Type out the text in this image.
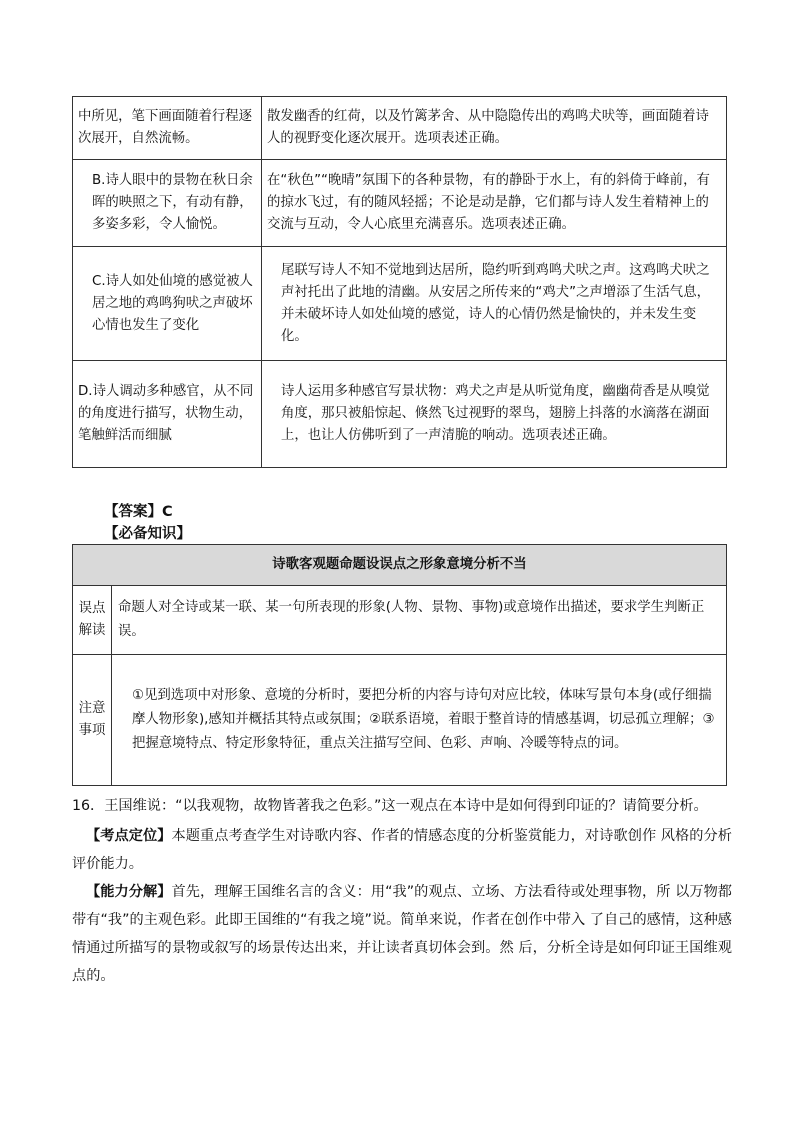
中所见，笔下画面随着行程逐次展开，自然流畅。	散发幽香的红荷，以及竹篱茅舍、从中隐隐传出的鸡鸣犬吠等，画面随着诗人的视野变化逐次展开。选项表述正确。

B.诗人眼中的景物在秋日余晖的映照之下，有动有静，多姿多彩，令人愉悦。	在“秋色”“晚晴”氛围下的各种景物，有的静卧于水上，有的斜倚于峰前，有的掠水飞过，有的随风轻摇；不论是动是静，它们都与诗人发生着精神上的交流与互动，令人心底里充满喜乐。选项表述正确。

C.诗人如处仙境的感觉被人居之地的鸡鸣狗吠之声破坏心情也发生了变化	尾联写诗人不知不觉地到达居所，隐约听到鸡鸣犬吠之声。这鸡鸣犬吠之声衬托出了此地的清幽。从安居之所传来的“鸡犬”之声增添了生活气息，并未破坏诗人如处仙境的感觉，诗人的心情仍然是愉快的，并未发生变化。

D.诗人调动多种感官，从不同的角度进行描写，状物生动，笔触鲜活而细腻	诗人运用多种感官写景状物：鸡犬之声是从听觉角度，幽幽荷香是从嗅觉角度，那只被船惊起、倏然飞过视野的翠鸟，翅膀上抖落的水滴落在湖面上，也让人仿佛听到了一声清脆的响动。选项表述正确。
【答案】C
【必备知识】
诗歌客观题命题设误点之形象意境分析不当	
误点解读	命题人对全诗或某一联、某一句所表现的形象(人物、景物、事物)或意境作出描述，要求学生判断正误。
注意事项	①见到选项中对形象、意境的分析时，要把分析的内容与诗句对应比较，体味写景句本身(或仔细揣摩人物形象),感知并概括其特点或氛围；②联系语境，着眼于整首诗的情感基调，切忌孤立理解；③把握意境特点、特定形象特征，重点关注描写空间、色彩、声响、冷暖等特点的词。
16．王国维说：“以我观物，故物皆著我之色彩。”这一观点在本诗中是如何得到印证的？请简要分析。
【考点定位】本题重点考查学生对诗歌内容、作者的情感态度的分析鉴赏能力，对诗歌创作 风格的分析评价能力。
【能力分解】首先，理解王国维名言的含义：用“我”的观点、立场、方法看待或处理事物，所 以万物都带有“我”的主观色彩。此即王国维的“有我之境”说。简单来说，作者在创作中带入 了自己的感情，这种感情通过所描写的景物或叙写的场景传达出来，并让读者真切体会到。然 后，分析全诗是如何印证王国维观点的。
